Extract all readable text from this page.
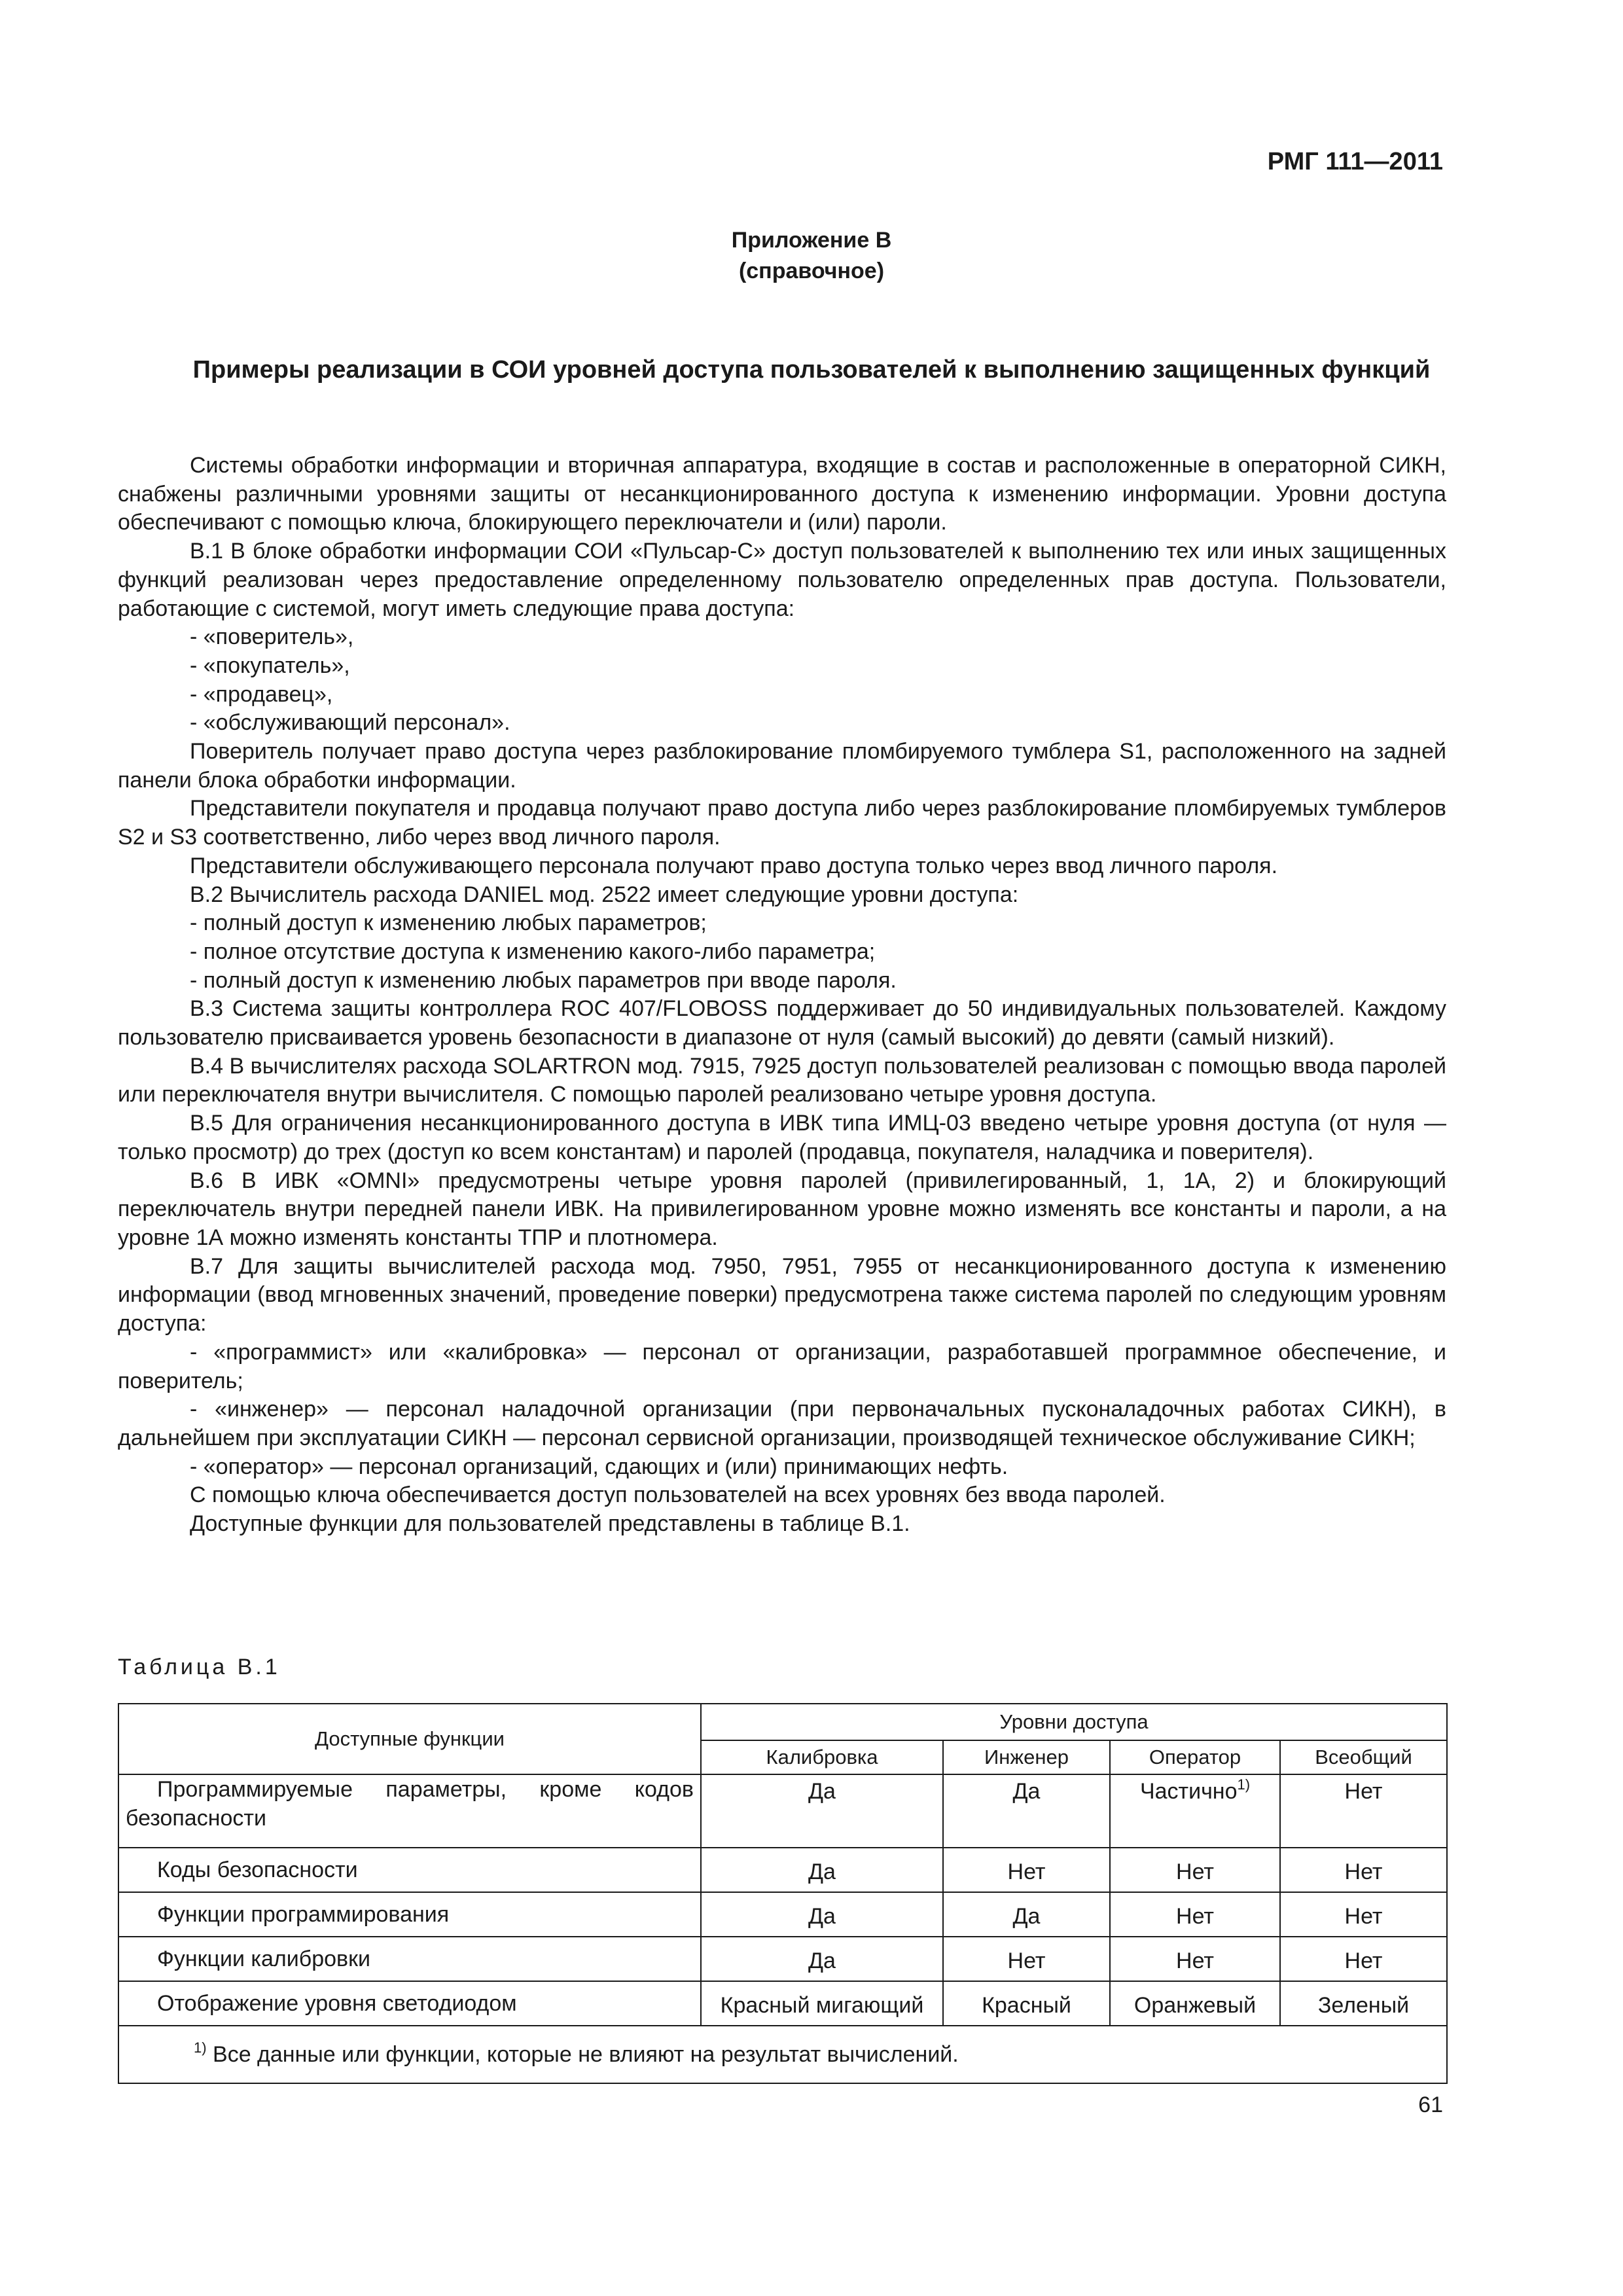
РМГ 111—2011
Приложение В
(справочное)
Примеры реализации в СОИ уровней доступа пользователей к выполнению защищенных функций

Системы обработки информации и вторичная аппаратура, входящие в состав и расположенные в операторной СИКН, снабжены различными уровнями защиты от несанкционированного доступа к изменению информации. Уровни доступа обеспечивают с помощью ключа, блокирующего переключатели и (или) пароли.

В.1 В блоке обработки информации СОИ «Пульсар-С» доступ пользователей к выполнению тех или иных защищенных функций реализован через предоставление определенному пользователю определенных прав доступа. Пользователи, работающие с системой, могут иметь следующие права доступа:

- «поверитель»,

- «покупатель»,

- «продавец»,

- «обслуживающий персонал».

Поверитель получает право доступа через разблокирование пломбируемого тумблера S1, расположенного на задней панели блока обработки информации.

Представители покупателя и продавца получают право доступа либо через разблокирование пломбируемых тумблеров S2 и S3 соответственно, либо через ввод личного пароля.

Представители обслуживающего персонала получают право доступа только через ввод личного пароля.

В.2 Вычислитель расхода DANIEL мод. 2522 имеет следующие уровни доступа:

- полный доступ к изменению любых параметров;

- полное отсутствие доступа к изменению какого-либо параметра;

- полный доступ к изменению любых параметров при вводе пароля.

В.3 Система защиты контроллера ROC 407/FLOBOSS поддерживает до 50 индивидуальных пользователей. Каждому пользователю присваивается уровень безопасности в диапазоне от нуля (самый высокий) до девяти (самый низкий).

В.4 В вычислителях расхода SOLARTRON мод. 7915, 7925 доступ пользователей реализован с помощью ввода паролей или переключателя внутри вычислителя. С помощью паролей реализовано четыре уровня доступа.

В.5 Для ограничения несанкционированного доступа в ИВК типа ИМЦ-03 введено четыре уровня доступа (от нуля — только просмотр) до трех (доступ ко всем константам) и паролей (продавца, покупателя, наладчика и поверителя).

В.6 В ИВК «OMNI» предусмотрены четыре уровня паролей (привилегированный, 1, 1А, 2) и блокирующий переключатель внутри передней панели ИВК. На привилегированном уровне можно изменять все константы и пароли, а на уровне 1А можно изменять константы ТПР и плотномера.

В.7 Для защиты вычислителей расхода мод. 7950, 7951, 7955 от несанкционированного доступа к изменению информации (ввод мгновенных значений, проведение поверки) предусмотрена также система паролей по следующим уровням доступа:

- «программист» или «калибровка» — персонал от организации, разработавшей программное обеспечение, и поверитель;

- «инженер» — персонал наладочной организации (при первоначальных пусконаладочных работах СИКН), в дальнейшем при эксплуатации СИКН — персонал сервисной организации, производящей техническое обслуживание СИКН;

- «оператор» — персонал организаций, сдающих и (или) принимающих нефть.

С помощью ключа обеспечивается доступ пользователей на всех уровнях без ввода паролей.

Доступные функции для пользователей представлены в таблице В.1.

Таблица В.1
Доступные функции	Уровни доступа			
	Калибровка	Инженер	Оператор	Всеобщий
Программируемые параметры, кроме кодов безопасности	Да	Да	Частично$^{1)}$	Нет
Коды безопасности	Да	Нет	Нет	Нет
Функции программирования	Да	Да	Нет	Нет
Функции калибровки	Да	Нет	Нет	Нет
Отображение уровня светодиодом	Красный мигающий	Красный	Оранжевый	Зеленый
$^{1)}$ Все данные или функции, которые не влияют на результат вычислений.				
61
